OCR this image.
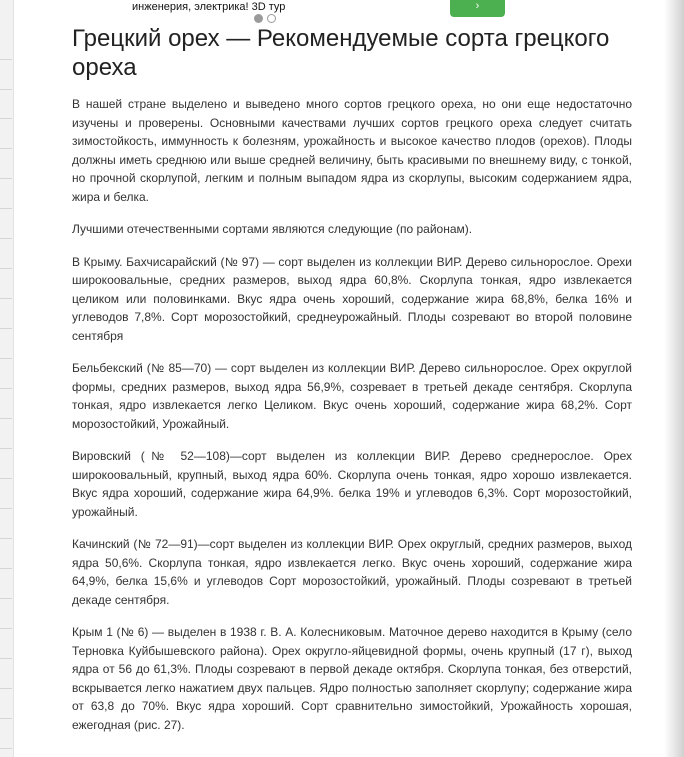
инженерия, электрика! 3D тур	›
Грецкий орех — Рекомендуемые сорта грецкого ореха

В нашей стране выделено и выведено много сортов грецкого ореха, но они еще недостаточно изучены и проверены. Основными качествами лучших сортов грецкого ореха следует считать зимостойкость, иммунность к болезням, урожайность и высокое качество плодов (орехов). Плоды должны иметь среднюю или выше средней величину, быть красивыми по внешнему виду, с тонкой, но прочной скорлупой, легким и полным выпадом ядра из скорлупы, высоким содержанием ядра, жира и белка.

Лучшими отечественными сортами являются следующие (по районам).

В Крыму. Бахчисарайский (№ 97) — сорт выделен из коллекции ВИР. Дерево сильнорослое. Орехи широкоовальные, средних размеров, выход ядра 60,8%. Скорлупа тонкая, ядро извлекается целиком или половинками. Вкус ядра очень хороший, содержание жира 68,8%, белка 16% и углеводов 7,8%. Сорт морозостойкий, среднеурожайный. Плоды созревают во второй половине сентября

Бельбекский (№ 85—70) — сорт выделен из коллекции ВИР. Дерево сильнорослое. Орех округлой формы, средних размеров, выход ядра 56,9%, созревает в третьей декаде сентября. Скорлупа тонкая, ядро извлекается легко Целиком. Вкус очень хороший, содержание жира 68,2%. Сорт морозостойкий, Урожайный.

Вировский (№ 52—108)—сорт выделен из коллекции ВИР. Дерево среднерослое. Орех широкоовальный, крупный, выход ядра 60%. Скорлупа очень тонкая, ядро хорошо извлекается. Вкус ядра хороший, содержание жира 64,9%. белка 19% и углеводов 6,3%. Сорт морозостойкий, урожайный.

Качинский (№ 72—91)—сорт выделен из коллекции ВИР. Орех округлый, средних размеров, выход ядра 50,6%. Скорлупа тонкая, ядро извлекается легко. Вкус очень хороший, содержание жира 64,9%, белка 15,6% и углеводов Сорт морозостойкий, урожайный. Плоды созревают в третьей декаде сентября.

Крым 1 (№ 6) — выделен в 1938 г. В. А. Колесниковым. Маточное дерево находится в Крыму (село Терновка Куйбышевского района). Орех округло-яйцевидной формы, очень крупный (17 г), выход ядра от 56 до 61,3%. Плоды созревают в первой декаде октября. Скорлупа тонкая, без отверстий, вскрывается легко нажатием двух пальцев. Ядро полностью заполняет скорлупу; содержание жира от 63,8 до 70%. Вкус ядра хороший. Сорт сравнительно зимостойкий, Урожайность хорошая, ежегодная (рис. 27).
